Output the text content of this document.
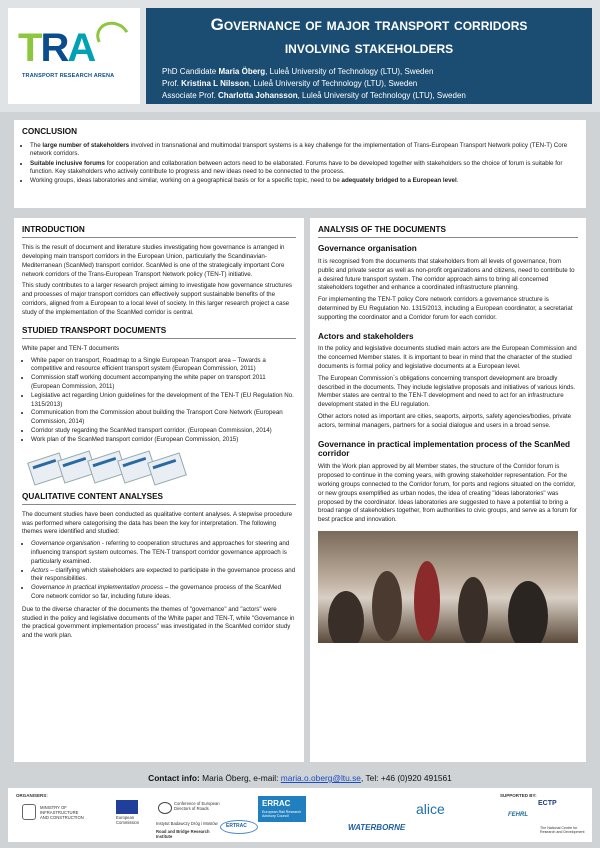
TRA
TRANSPORT RESEARCH ARENA
Governance of major transport corridors
involving stakeholders
PhD Candidate Maria Öberg, Luleå University of Technology (LTU), Sweden
Prof. Kristina L Nilsson, Luleå University of Technology (LTU), Sweden
Associate Prof. Charlotta Johansson, Luleå University of Technology (LTU), Sweden
CONCLUSION
• The large number of stakeholders involved in transnational and multimodal transport systems is a key challenge for the implementation of Trans-European Transport Network policy (TEN-T) Core network corridors.
• Suitable inclusive forums for cooperation and collaboration between actors need to be elaborated. Forums have to be developed together with stakeholders so the choice of forum is suitable for function. Key stakeholders who actively contribute to progress and new ideas need to be connected to the process.
• Working groups, ideas laboratories and similar, working on a geographical basis or for a specific topic, need to be adequately bridged to a European level.
INTRODUCTION

This is the result of document and literature studies investigating how governance is arranged in developing main transport corridors in the European Union, particularly the Scandinavian-Mediterranean (ScanMed) transport corridor. ScanMed is one of the strategically important Core network corridors of the Trans-European Transport Network policy (TEN-T) initiative.

This study contributes to a larger research project aiming to investigate how governance structures and processes of major transport corridors can effectively support sustainable benefits of the corridors, aligned from a European to a local level of society. In this larger research project a case study of the implementation of the ScanMed corridor is central.

STUDIED TRANSPORT DOCUMENTS

White paper and TEN-T documents

• White paper on transport, Roadmap to a Single European Transport area – Towards a competitive and resource efficient transport system (European Commission, 2011)
• Commission staff working document accompanying the white paper on transport 2011 (European Commission, 2011)
• Legislative act regarding Union guidelines for the development of the TEN-T (EU Regulation No. 1315/2013)
• Communication from the Commission about building the Transport Core Network (European Commission, 2014)
• Corridor study regarding the ScanMed transport corridor. (European Commission, 2014)
• Work plan of the ScanMed transport corridor (European Commission, 2015)
QUALITATIVE CONTENT ANALYSES

The document studies have been conducted as qualitative content analyses. A stepwise procedure was performed where categorising the data has been the key for interpretation. The following themes were identified and studied:

• Governance organisation - referring to cooperation structures and approaches for steering and influencing transport system outcomes. The TEN-T transport corridor governance approach is particularly examined.
• Actors – clarifying which stakeholders are expected to participate in the governance process and their responsibilities.
• Governance in practical implementation process – the governance process of the ScanMed Core network corridor so far, including future ideas.

Due to the diverse character of the documents the themes of "governance" and "actors" were studied in the policy and legislative documents of the White paper and TEN-T, while "Governance in the practical government implementation process" was investigated in the ScanMed corridor study and the work plan.

ANALYSIS OF THE DOCUMENTS
Governance organisation

It is recognised from the documents that stakeholders from all levels of governance, from public and private sector as well as non-profit organizations and citizens, need to contribute to a desired future transport system. The corridor approach aims to bring all concerned stakeholders together and enhance a coordinated infrastructure planning.

For implementing the TEN-T policy Core network corridors a governance structure is determined by EU Regulation No. 1315/2013, including a European coordinator, a secretariat supporting the coordinator and a Corridor forum for each corridor.

Actors and stakeholders

In the policy and legislative documents studied main actors are the European Commission and the concerned Member states. It is important to bear in mind that the character of the studied documents is formal policy and legislative documents at a European level.

The European Commission´s obligations concerning transport development are broadly described in the documents. They include legislative proposals and initiatives of various kinds. Member states are central to the TEN-T development and need to act for an infrastructure development stated in the EU regulation.

Other actors noted as important are cities, seaports, airports, safety agencies/bodies, private actors, terminal managers, partners for a social dialogue and users in a broad sense.

Governance in practical implementation process of the ScanMed corridor

With the Work plan approved by all Member states, the structure of the Corridor forum is proposed to continue in the coming years, with growing stakeholder representation. For the working groups connected to the Corridor forum, for ports and regions situated on the corridor, or new groups exemplified as urban nodes, the idea of creating "ideas laboratories" was proposed by the coordinator. Ideas laboratories are suggested to have a potential to bring a broad range of stakeholders together, from authorities to civic groups, and serve as a forum for best practice and innovation.

Contact info: Maria Öberg, e-mail: maria.o.oberg@ltu.se, Tel: +46 (0)920 491561
ORGANISERS:	SUPPORTED BY:
MINISTRY OF INFRASTRUCTURE AND CONSTRUCTION	European Commission
Conference of European Directors of Roads
Instytut Badawczy Dróg i Mostów
Road and Bridge Research Institute
ERRAC
European Rail Research Advisory Council
ERTRAC	WATERBORNE
alice	ECTP
FEHRL
The National Centre for Research and Development
